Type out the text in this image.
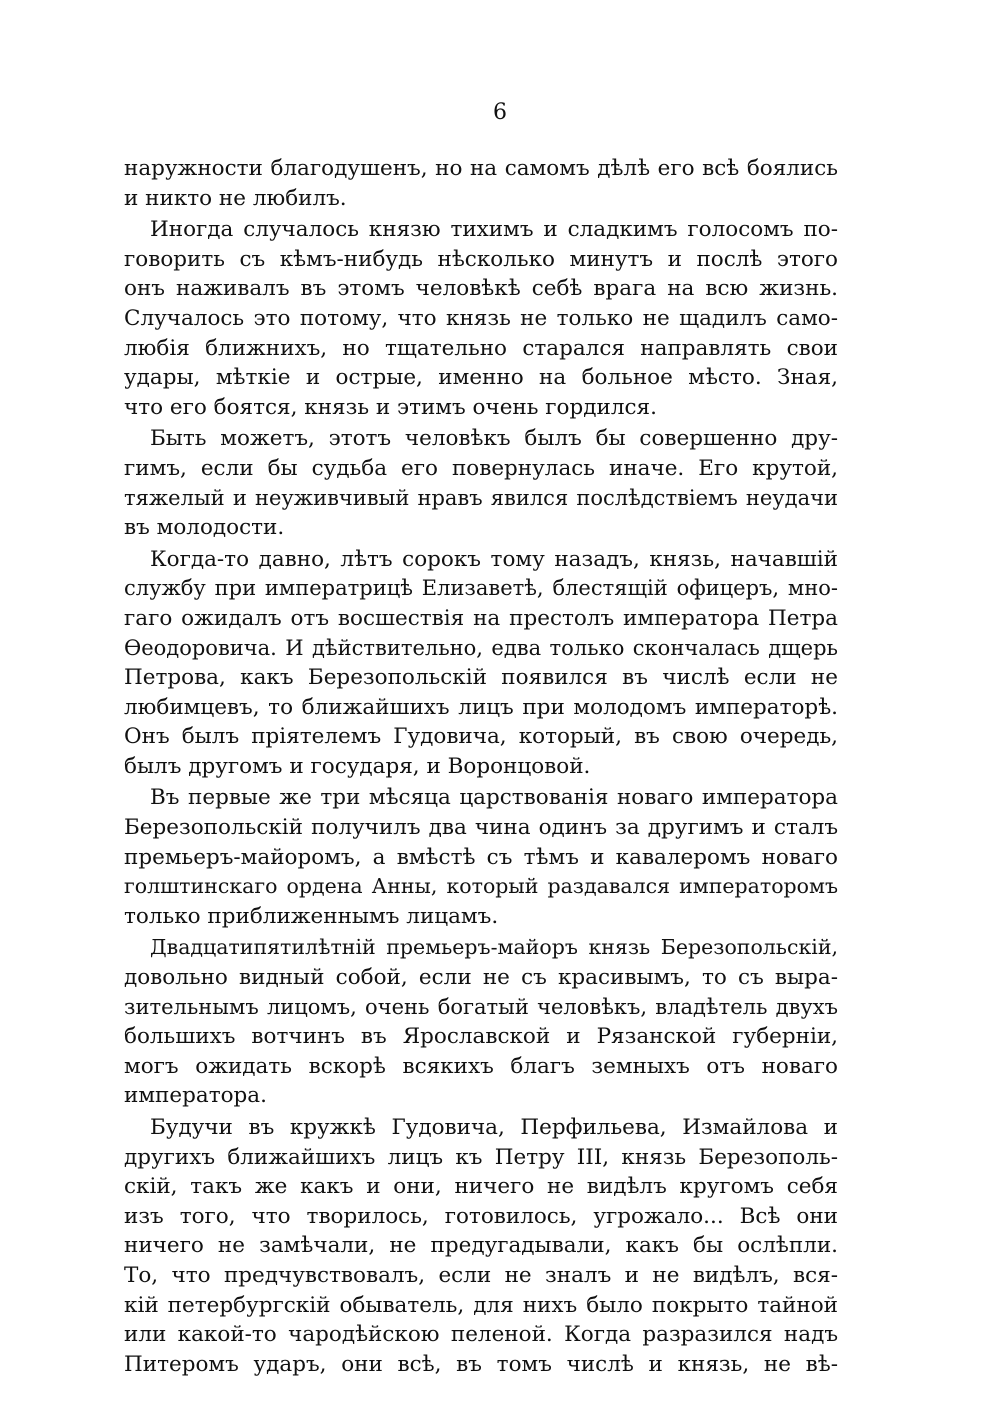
6
наружности благодушенъ, но на самомъ дѣлѣ его всѣ боялись
и никто не любилъ.
Иногда случалось князю тихимъ и сладкимъ голосомъ по-
говорить съ кѣмъ-нибудь нѣсколько минутъ и послѣ этого
онъ наживалъ въ этомъ человѣкѣ себѣ врага на всю жизнь.
Случалось это потому, что князь не только не щадилъ само-
любія ближнихъ, но тщательно старался направлять свои
удары, мѣткіе и острые, именно на больное мѣсто. Зная,
что его боятся, князь и этимъ очень гордился.
Быть можетъ, этотъ человѣкъ былъ бы совершенно дру-
гимъ, если бы судьба его повернулась иначе. Его крутой,
тяжелый и неуживчивый нравъ явился послѣдствіемъ неудачи
въ молодости.
Когда-то давно, лѣтъ сорокъ тому назадъ, князь, начавшій
службу при императрицѣ Елизаветѣ, блестящій офицеръ, мно-
гаго ожидалъ отъ восшествія на престолъ императора Петра
Ѳеодоровича. И дѣйствительно, едва только скончалась дщерь
Петрова, какъ Березопольскій появился въ числѣ если не
любимцевъ, то ближайшихъ лицъ при молодомъ императорѣ.
Онъ былъ пріятелемъ Гудовича, который, въ свою очередь,
былъ другомъ и государя, и Воронцовой.
Въ первые же три мѣсяца царствованія новаго императора
Березопольскій получилъ два чина одинъ за другимъ и сталъ
премьеръ-майоромъ, а вмѣстѣ съ тѣмъ и кавалеромъ новаго
голштинскаго ордена Анны, который раздавался императоромъ
только приближеннымъ лицамъ.
Двадцатипятилѣтній премьеръ-майоръ князь Березопольскій,
довольно видный собой, если не съ красивымъ, то съ выра-
зительнымъ лицомъ, очень богатый человѣкъ, владѣтель двухъ
большихъ вотчинъ въ Ярославской и Рязанской губерніи,
могъ ожидать вскорѣ всякихъ благъ земныхъ отъ новаго
императора.
Будучи въ кружкѣ Гудовича, Перфильева, Измайлова и
другихъ ближайшихъ лицъ къ Петру III, князь Березополь-
скій, такъ же какъ и они, ничего не видѣлъ кругомъ себя
изъ того, что творилось, готовилось, угрожало... Всѣ они
ничего не замѣчали, не предугадывали, какъ бы ослѣпли.
То, что предчувствовалъ, если не зналъ и не видѣлъ, вся-
кій петербургскій обыватель, для нихъ было покрыто тайной
или какой-то чародѣйскою пеленой. Когда разразился надъ
Питеромъ ударъ, они всѣ, въ томъ числѣ и князь, не вѣ-
